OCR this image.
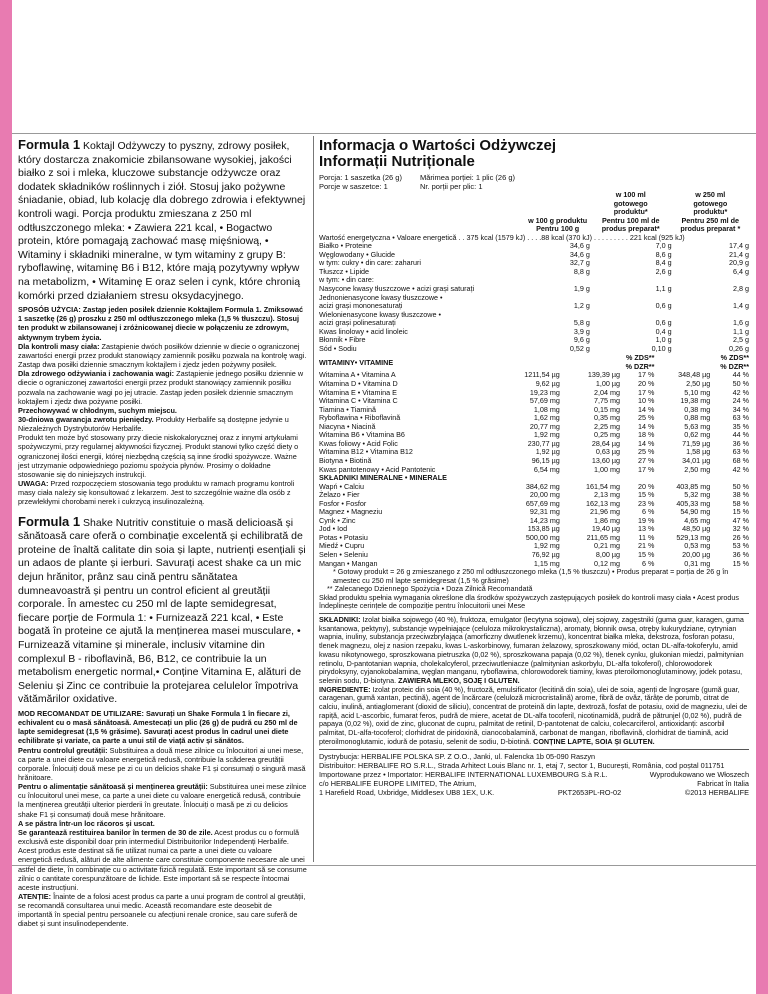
Formula 1 Koktajl Odżywczy to pyszny, zdrowy posiłek, który dostarcza znakomicie zbilansowane wysokiej, jakości białko z soi i mleka, kluczowe substancje odżywcze oraz dodatek składników roślinnych i ziół. Stosuj jako pożywne śniadanie, obiad, lub kolację dla dobrego zdrowia i efektywnej kontroli wagi. Porcja produktu zmieszana z 250 ml odtłuszczonego mleka: • Zawiera 221 kcal, • Bogactwo protein, które pomagają zachować masę mięśniową, • Witaminy i składniki mineralne, w tym witaminy z grupy B: ryboflawinę, witaminę B6 i B12, które mają pozytywny wpływ na metabolizm, • Witaminę E oraz selen i cynk, które chronią komórki przed działaniem stresu oksydacyjnego.

SPOSÓB UŻYCIA: Zastąp jeden posiłek dziennie Koktajlem Formula 1. Zmiksować 1 saszetkę (26 g) proszku z 250 ml odtłuszczonego mleka (1,5 % tłuszczu). Stosuj ten produkt w zbilansowanej i zróżnicowanej diecie w połączeniu ze zdrowym, aktywnym trybem życia.

Dla kontroli masy ciała: Zastąpienie dwóch posiłków dziennie w diecie o ograniczonej zawartości energii przez produkt stanowiący zamiennik posiłku pozwala na kontrolę wagi. Zastąp dwa posiłki dziennie smacznym koktajlem i zjedz jeden pożywny posiłek.

Dla zdrowego odżywiania i zachowania wagi: Zastąpienie jednego posiłku dziennie w diecie o ograniczonej zawartości energii przez produkt stanowiący zamiennik posiłku pozwala na zachowanie wagi po jej utracie. Zastąp jeden posiłek dziennie smacznym koktajlem i zjedz dwa pożywne posiłki.

Przechowywać w chłodnym, suchym miejscu.

30-dniowa gwarancja zwrotu pieniędzy. Produkty Herbalife są dostępne jedynie u Niezależnych Dystrybutorów Herbalife.

Produkt ten może być stosowany przy diecie niskokalorycznej oraz z innymi artykułami spożywczymi, przy regularnej aktywności fizycznej. Produkt stanowi tylko część diety o ograniczonej ilości energii, której niezbędną częścią są inne środki spożywcze. Ważne jest utrzymanie odpowiedniego poziomu spożycia płynów. Prosimy o dokładne stosowanie się do niniejszych instrukcji.

UWAGA: Przed rozpoczęciem stosowania tego produktu w ramach programu kontroli masy ciała należy się konsultować z lekarzem. Jest to szczególnie ważne dla osób z przewlekłymi chorobami nerek i cukrzycą insulinozależną.

Formula 1 Shake Nutritiv constituie o masă delicioasă și sănătoasă care oferă o combinație excelentă și echilibrată de proteine de înaltă calitate din soia și lapte, nutrienți esențiali și un adaos de plante și ierburi. Savurați acest shake ca un mic dejun hrănitor, prânz sau cină pentru sănătatea dumneavoastră și pentru un control eficient al greutății corporale. În amestec cu 250 ml de lapte semidegresat, fiecare porție de Formula 1: • Furnizează 221 kcal, • Este bogată în proteine ce ajută la menținerea masei musculare, • Furnizează vitamine și minerale, inclusiv vitamine din complexul B - riboflavină, B6, B12, ce contribuie la un metabolism energetic normal,• Conține Vitamina E, alături de Seleniu și Zinc ce contribuie la protejarea celulelor împotriva vătămărilor oxidative.

MOD RECOMANDAT DE UTILIZARE: Savurați un Shake Formula 1 în fiecare zi, echivalent cu o masă sănătoasă. Amestecați un plic (26 g) de pudră cu 250 ml de lapte semidegresat (1,5 % grăsime). Savurați acest produs în cadrul unei diete echilibrate și variate, ca parte a unui stil de viață activ și sănătos.

Pentru controlul greutății: Substituirea a două mese zilnice cu înlocuitori ai unei mese, ca parte a unei diete cu valoare energetică redusă, contribuie la scăderea greutății corporale. Înlocuiți două mese pe zi cu un delicios shake F1 și consumați o singură masă hrănitoare.

Pentru o alimentație sănătoasă și menținerea greutății: Substituirea unei mese zilnice cu înlocuitorul unei mese, ca parte a unei diete cu valoare energetică redusă, contribuie la menținerea greutății ulterior pierderii în greutate. Înlocuiți o masă pe zi cu delicios shake F1 și consumați două mese hrănitoare.

A se păstra într-un loc răcoros și uscat.

Se garantează restituirea banilor în termen de 30 de zile. Acest produs cu o formulă exclusivă este disponibil doar prin intermediul Distribuitorilor Independenți Herbalife.

Acest produs este destinat să fie utilizat numai ca parte a unei diete cu valoare energetică redusă, alături de alte alimente care constituie componente necesare ale unei astfel de diete, în combinație cu o activitate fizică regulată. Este important să se consume zilnic o cantitate corespunzătoare de lichide. Este important să se respecte întocmai aceste instrucțiuni.

ATENȚIE: Înainte de a folosi acest produs ca parte a unui program de control al greutății, se recomandă consultarea unui medic. Această recomandare este deosebit de importantă în special pentru persoanele cu afecțiuni renale cronice, sau care suferă de diabet și sunt insulinodependente.

Informacja o Wartości Odżywczej

Informații Nutriționale

Porcja: 1 saszetka (26 g)
Porcje w saszetce: 1
Mărimea porției: 1 plic (26 g)
Nr. porții per plic: 1
	w 100 g produktu
Pentru 100 g	w 100 ml
gotowego
produktu*
Pentru 100 ml de
produs preparat*	w 250 ml
gotowego
produktu*
Pentru 250 ml de
produs preparat *
Wartość energetyczna • Valoare energetică . . 375 kcal (1579 kJ) . . . .88 kcal (370 kJ) . . . . . . . . . 221 kcal (925 kJ)			
Białko • Proteine	34,6 g	7,0 g	17,4 g
Węglowodany • Glucide	34,6 g	8,6 g	21,4 g
w tym: cukry • din care: zaharuri	32,7 g	8,4 g	20,9 g
Tłuszcz • Lipide	8,8 g	2,6 g	6,4 g
w tym: • din care:			
Nasycone kwasy tłuszczowe • acizi grași saturați	1,9 g	1,1 g	2,8 g
Jednonienasycone kwasy tłuszczowe •			
acizi grași mononesaturați	1,2 g	0,6 g	1,4 g
Wielonienasycone kwasy tłuszczowe •			
acizi grași polinesaturați	5,8 g	0,6 g	1,6 g
Kwas linolowy • acid linoleic	3,9 g	0,4 g	1,1 g
Błonnik • Fibre	9,6 g	1,0 g	2,5 g
Sód • Sodiu	0,52 g	0,10 g	0,26 g
WITAMINY• VITAMINE			% ZDS**
% DZR**		% ZDS**
% DZR**
Witamina A • Vitamina A	1211,54 µg	139,39 µg	17 %	348,48 µg	44 %
Witamina D • Vitamina D	9,62 µg	1,00 µg	20 %	2,50 µg	50 %
Witamina E • Vitamina E	19,23 mg	2,04 mg	17 %	5,10 mg	42 %
Witamina C • Vitamina C	57,69 mg	7,75 mg	10 %	19,38 mg	24 %
Tiamina • Tiamină	1,08 mg	0,15 mg	14 %	0,38 mg	34 %
Ryboflawina • Riboflavină	1,62 mg	0,35 mg	25 %	0,88 mg	63 %
Niacyna • Niacină	20,77 mg	2,25 mg	14 %	5,63 mg	35 %
Witamina B6 • Vitamina B6	1,92 mg	0,25 mg	18 %	0,62 mg	44 %
Kwas foliowy • Acid Folic	230,77 µg	28,64 µg	14 %	71,59 µg	36 %
Witamina B12 • Vitamina B12	1,92 µg	0,63 µg	25 %	1,58 µg	63 %
Biotyna • Biotină	96,15 µg	13,60 µg	27 %	34,01 µg	68 %
Kwas pantotenowy • Acid Pantotenic	6,54 mg	1,00 mg	17 %	2,50 mg	42 %
SKŁADNIKI MINERALNE • MINERALE					
Wapń • Calciu	384,62 mg	161,54 mg	20 %	403,85 mg	50 %
Żelazo • Fier	20,00 mg	2,13 mg	15 %	5,32 mg	38 %
Fosfor • Fosfor	657,69 mg	162,13 mg	23 %	405,33 mg	58 %
Magnez • Magneziu	92,31 mg	21,96 mg	6 %	54,90 mg	15 %
Cynk • Zinc	14,23 mg	1,86 mg	19 %	4,65 mg	47 %
Jod • Iod	153,85 µg	19,40 µg	13 %	48,50 µg	32 %
Potas • Potasiu	500,00 mg	211,65 mg	11 %	529,13 mg	26 %
Miedź • Cupru	1,92 mg	0,21 mg	21 %	0,53 mg	53 %
Selen • Seleniu	76,92 µg	8,00 µg	15 %	20,00 µg	36 %
Mangan • Mangan	1,15 mg	0,12 mg	6 %	0,31 mg	15 %

* Gotowy produkt = 26 g zmieszanego z 250 ml odtłuszczonego mleka (1,5 % tłuszczu) • Produs preparat = porția de 26 g în amestec cu 250 ml lapte semidegresat (1,5 % grăsime)

** Zalecanego Dziennego Spożycia • Doza Zilnică Recomandată

Skład produktu spełnia wymagania określone dla środków spożywczych zastępujących posiłek do kontroli masy ciała • Acest produs îndeplinește cerințele de compoziție pentru înlocuitorii unei Mese

SKŁADNIKI: Izolat białka sojowego (40 %), fruktoza, emulgator (lecytyna sojowa), olej sojowy, zagęstniki (guma guar, karagen, guma ksantanowa, pektyny), substancje wypełniające (celuloza mikrokrystaliczna), aromaty, błonnik owsa, otręby kukurydziane, cytrynian wapnia, inuliny, substancja przeciwzbrylająca (amorficzny dwutlenek krzemu), koncentrat białka mleka, dekstroza, fosforan potasu, tlenek magnezu, olej z nasion rzepaku, kwas L-askorbinowy, fumaran żelazowy, sproszkowany miód, octan DL-alfa-tokoferylu, amid kwasu nikotynowego, sproszkowana pietruszka (0,02 %), sproszkowana papaja (0,02 %), tlenek cynku, glukonian miedzi, palmitynian retinolu, D-pantotanian wapnia, cholekalcyferol, przeciwutleniacze (palmitynian askorbylu, DL-alfa tokoferol), chlorowodorek pirydoksyny, cyjanokobalamina, węglan manganu, ryboflawina, chlorowodorek tiaminy, kwas pteroilomonoglutaminowy, jodek potasu, selenin sodu, D-biotyna. ZAWIERA MLEKO, SOJĘ I GLUTEN.

INGREDIENTE: Izolat proteic din soia (40 %), fructoză, emulsificator (lecitină din soia), ulei de soia, agenți de îngroșare (gumă guar, caragenan, gumă xantan, pectină), agent de încărcare (celuloză microcristalină) aromе, fibră de ovăz, tărâțe de porumb, citrat de calciu, inulină, antiaglomerant (dioxid de siliciu), concentrat de proteină din lapte, dextroză, fosfat de potasiu, oxid de magneziu, ulei de rapiță, acid L-ascorbic, fumarat feros, pudră de miere, acetat de DL-alfa tocoferil, nicotinamidă, pudră de pătrunjel (0,02 %), pudră de papaya (0,02 %), oxid de zinc, gluconat de cupru, palmitat de retinil, D-pantotenat de calciu, colecarciferol, antioxidanți: ascorbil palmitat, DL-alfa-tocoferol; clorhidrat de piridoxină, cianocobalamină, carbonat de mangan, riboflavină, clorhidrat de tiamină, acid pteroilmonoglutamic, iodură de potasiu, selenit de sodiu, D-biotină. CONȚINE LAPTE, SOIA ȘI GLUTEN.

Dystrybucja: HERBALIFE POLSKA SP. Z O.O., Janki, ul. Falencka 1b 05-090 Raszyn

Distribuitor: HERBALIFE RO S.R.L., Strada Arhitect Louis Blanc nr. 1, etaj 7, sector 1, București, România, cod poștal 011751

Importowane przez • Importator: HERBALIFE INTERNATIONAL LUXEMBOURG S.à R.L.	Wyprodukowano we Włoszech
c/o HERBALIFE EUROPE LIMITED, The Atrium,	Fabricat în Italia
1 Harefield Road, Uxbridge, Middlesex UB8 1EX, U.K.	PKT2653PL-RO-02	©2013 HERBALIFE
